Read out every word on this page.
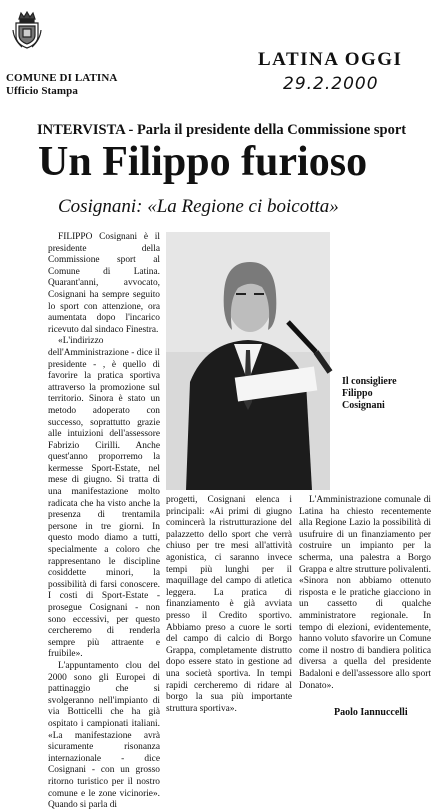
COMUNE DI LATINA
Ufficio Stampa
LATINA OGGI
29.2.2000
INTERVISTA - Parla il presidente della Commissione sport
Un Filippo furioso
Cosignani: «La Regione ci boicotta»

FILIPPO Cosignani è il presidente della Commissione sport al Comune di Latina. Quarant'anni, avvocato, Cosignani ha sempre seguito lo sport con attenzione, ora aumentata dopo l'incarico ricevuto dal sindaco Finestra.

«L'indirizzo dell'Amministrazione - dice il presidente - , è quello di favorire la pratica sportiva attraverso la promozione sul territorio. Sinora è stato un metodo adoperato con successo, soprattutto grazie alle intuizioni dell'assessore Fabrizio Cirilli. Anche quest'anno proporremo la kermesse Sport-Estate, nel mese di giugno. Si tratta di una manifestazione molto radicata che ha visto anche la presenza di trentamila persone in tre giorni. In questo modo diamo a tutti, specialmente a coloro che rappresentano le discipline cosiddette minori, la possibilità di farsi conoscere. I costi di Sport-Estate - prosegue Cosignani - non sono eccessivi, per questo cercheremo di renderla sempre più attraente e fruibile».

L'appuntamento clou del 2000 sono gli Europei di pattinaggio che si svolgeranno nell'impianto di via Botticelli che ha già ospitato i campionati italiani. «La manifestazione avrà sicuramente risonanza internazionale - dice Cosignani - con un grosso ritorno turistico per il nostro comune e le zone vicinorie». Quando si parla di

Il consigliere
Filippo
Cosignani

progetti, Cosignani elenca i principali: «Ai primi di giugno comincerà la ristrutturazione del palazzetto dello sport che verrà chiuso per tre mesi all'attività agonistica, ci saranno invece tempi più lunghi per il maquillage del campo di atletica leggera. La pratica di finanziamento è già avviata presso il Credito sportivo. Abbiamo preso a cuore le sorti del campo di calcio di Borgo Grappa, completamente distrutto dopo essere stato in gestione ad una società sportiva. In tempi rapidi cercheremo di ridare al borgo la sua più importante struttura sportiva».

L'Amministrazione comunale di Latina ha chiesto recentemente alla Regione Lazio la possibilità di usufruire di un finanziamento per costruire un impianto per la scherma, una palestra a Borgo Grappa e altre strutture polivalenti. «Sinora non abbiamo ottenuto risposta e le pratiche giacciono in un cassetto di qualche amministratore regionale. In tempo di elezioni, evidentemente, hanno voluto sfavorire un Comune come il nostro di bandiera politica diversa a quella del presidente Badaloni e dell'assessore allo sport Donato».

Paolo Iannuccelli
